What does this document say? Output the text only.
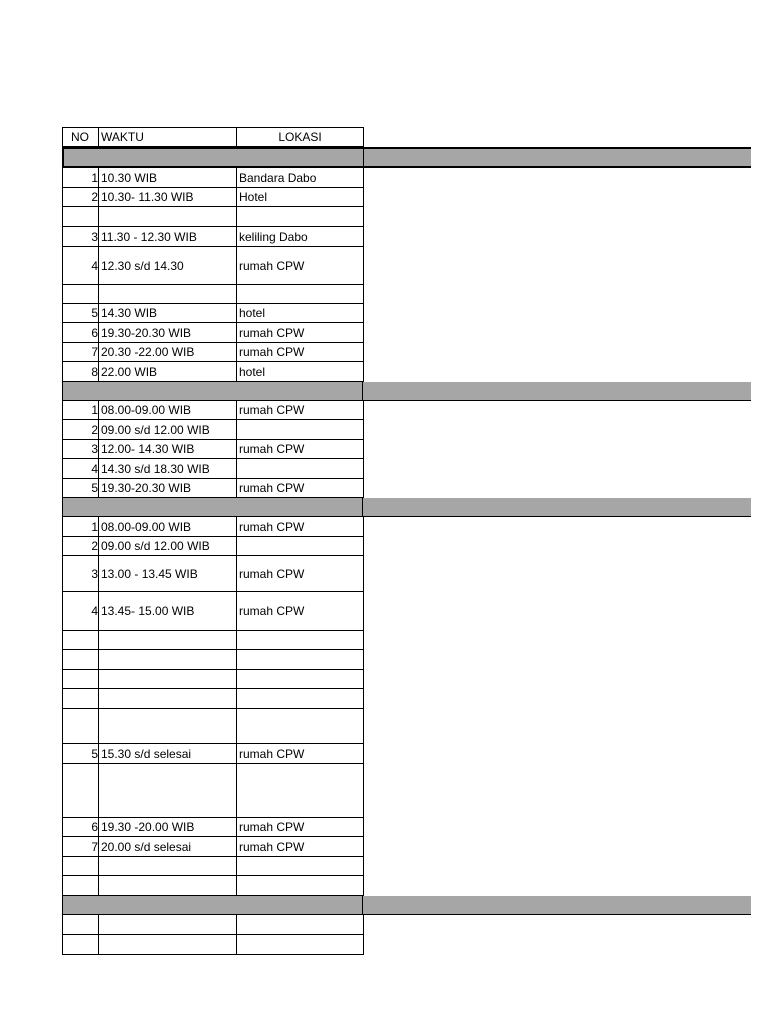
NO	WAKTU	LOKASI
1 10.30 WIB	Bandara Dabo
2 10.30- 11.30 WIB	Hotel
3 11.30 - 12.30 WIB	keliling Dabo
4 12.30 s/d 14.30	rumah CPW
5 14.30 WIB	hotel
6 19.30-20.30 WIB	rumah CPW
7 20.30 -22.00 WIB	rumah CPW
8 22.00 WIB	hotel
1 08.00-09.00 WIB	rumah CPW
2 09.00 s/d 12.00 WIB
3 12.00- 14.30 WIB	rumah CPW
4 14.30 s/d 18.30 WIB
5 19.30-20.30 WIB	rumah CPW
1 08.00-09.00 WIB	rumah CPW
2 09.00 s/d 12.00 WIB
3 13.00 - 13.45 WIB	rumah CPW
4 13.45- 15.00 WIB	rumah CPW
5 15.30 s/d selesai	rumah CPW
6 19.30 -20.00 WIB	rumah CPW
7 20.00 s/d selesai	rumah CPW
